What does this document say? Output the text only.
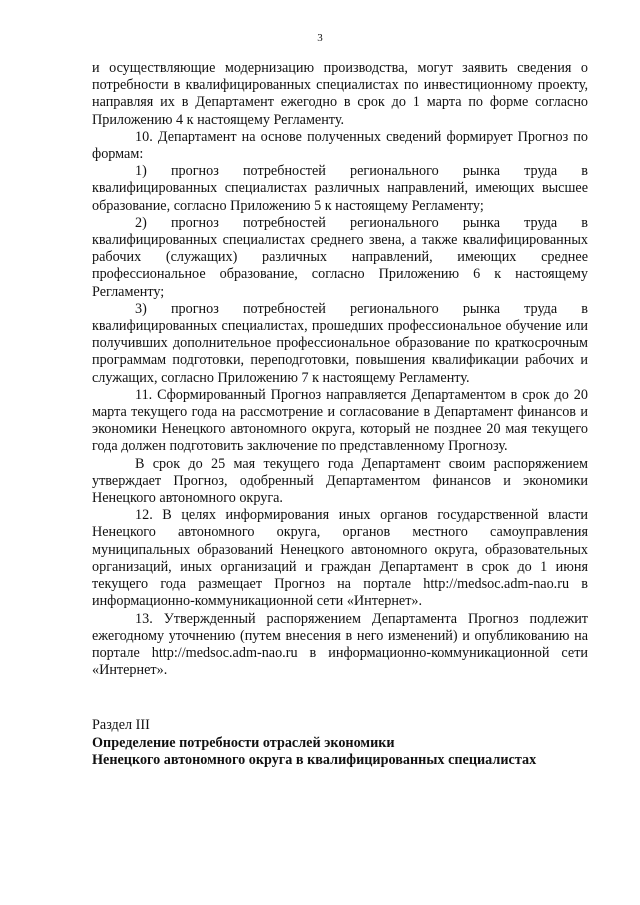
3

и осуществляющие модернизацию производства, могут заявить сведения о потребности в квалифицированных специалистах по инвестиционному проекту, направляя их в Департамент ежегодно в срок до 1 марта по форме согласно Приложению 4 к настоящему Регламенту.

10. Департамент на основе полученных сведений формирует Прогноз по формам:

1) прогноз потребностей регионального рынка труда в квалифицированных специалистах различных направлений, имеющих высшее образование, согласно Приложению 5 к настоящему Регламенту;

2) прогноз потребностей регионального рынка труда в квалифицированных специалистах среднего звена, а также квалифицированных рабочих (служащих) различных направлений, имеющих среднее профессиональное образование, согласно Приложению 6 к настоящему Регламенту;

3) прогноз потребностей регионального рынка труда в квалифицированных специалистах, прошедших профессиональное обучение или получивших дополнительное профессиональное образование по краткосрочным программам подготовки, переподготовки, повышения квалификации рабочих и служащих, согласно Приложению 7 к настоящему Регламенту.

11. Сформированный Прогноз направляется Департаментом в срок до 20 марта текущего года на рассмотрение и согласование в Департамент финансов и экономики Ненецкого автономного округа, который не позднее 20 мая текущего года должен подготовить заключение по представленному Прогнозу.

В срок до 25 мая текущего года Департамент своим распоряжением утверждает Прогноз, одобренный Департаментом финансов и экономики Ненецкого автономного округа.

12. В целях информирования иных органов государственной власти Ненецкого автономного округа, органов местного самоуправления муниципальных образований Ненецкого автономного округа, образовательных организаций, иных организаций и граждан Департамент в срок до 1 июня текущего года размещает Прогноз на портале http://medsoc.adm-nao.ru в информационно-коммуникационной сети «Интернет».

13. Утвержденный распоряжением Департамента Прогноз подлежит ежегодному уточнению (путем внесения в него изменений) и опубликованию на портале http://medsoc.adm-nao.ru в информационно-коммуникационной сети «Интернет».

Раздел III

Определение потребности отраслей экономики

Ненецкого автономного округа в квалифицированных специалистах
